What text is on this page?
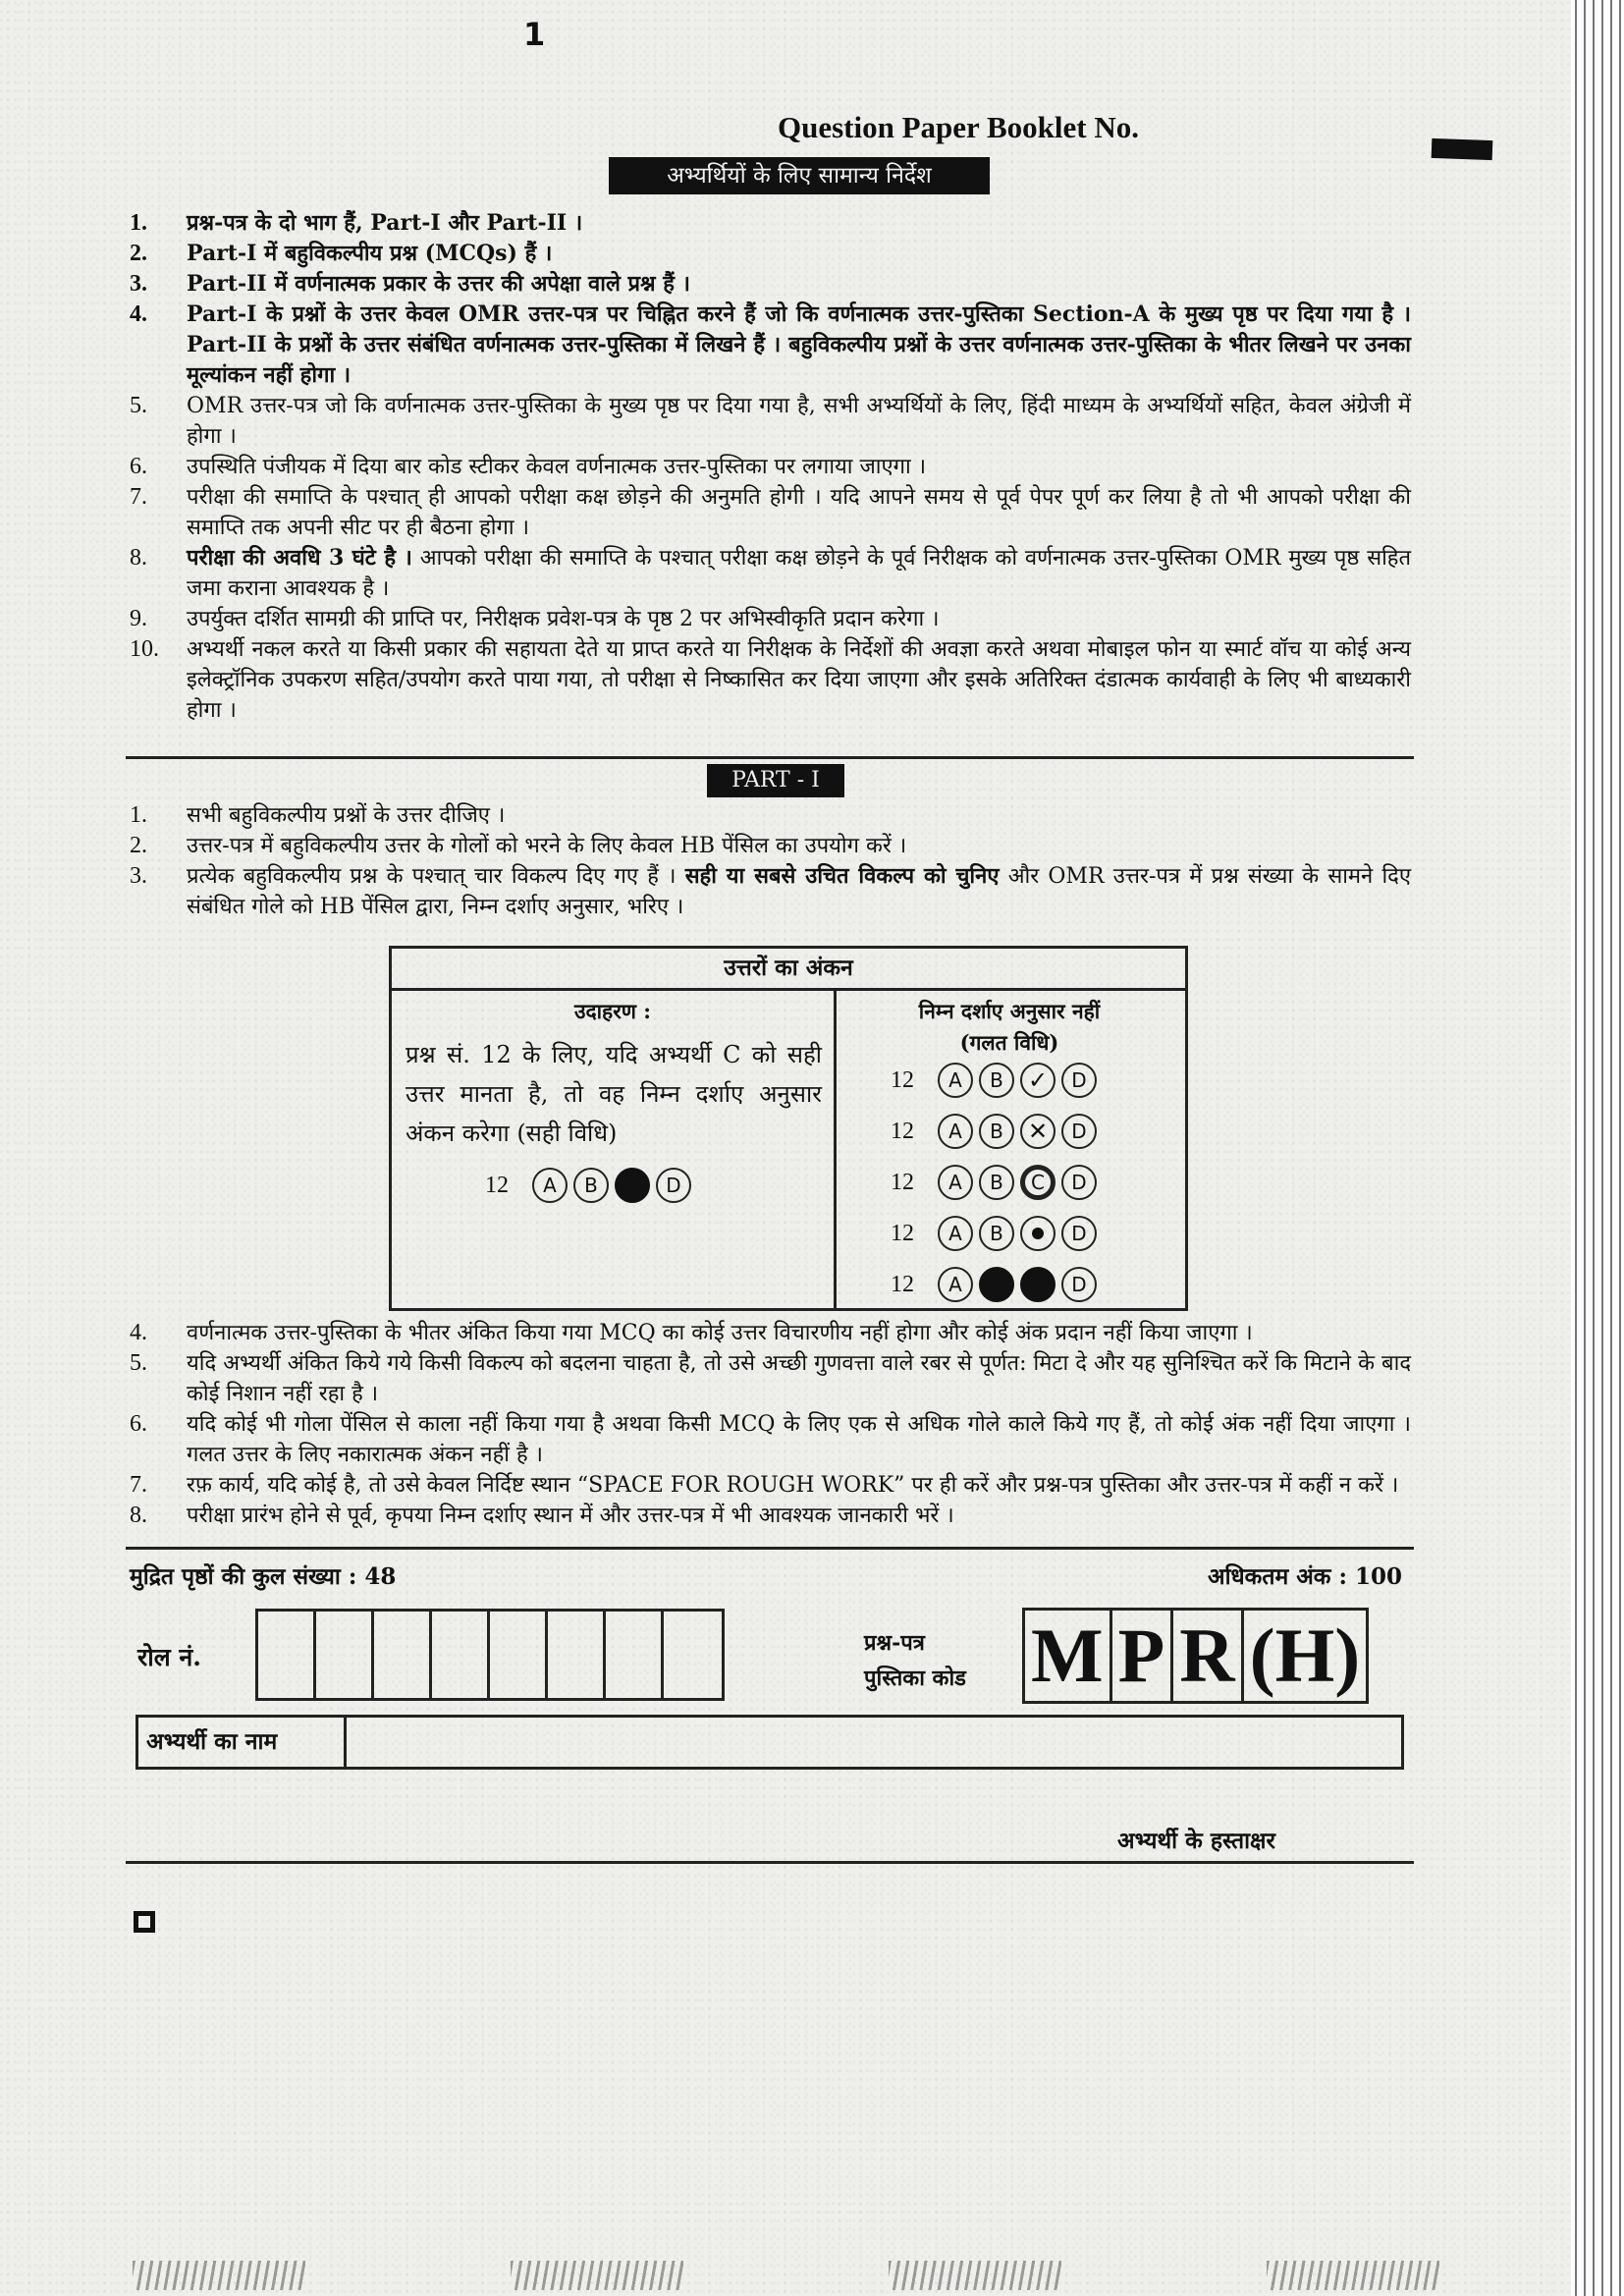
1
Question Paper Booklet No.
अभ्यर्थियों के लिए सामान्य निर्देश
1.	प्रश्न-पत्र के दो भाग हैं, Part-I और Part-II ।
2.	Part-I में बहुविकल्पीय प्रश्न (MCQs) हैं ।
3.	Part-II में वर्णनात्मक प्रकार के उत्तर की अपेक्षा वाले प्रश्न हैं ।
4.	Part-I के प्रश्नों के उत्तर केवल OMR उत्तर-पत्र पर चिह्नित करने हैं जो कि वर्णनात्मक उत्तर-पुस्तिका Section-A के मुख्य पृष्ठ पर दिया गया है । Part-II के प्रश्नों के उत्तर संबंधित वर्णनात्मक उत्तर-पुस्तिका में लिखने हैं । बहुविकल्पीय प्रश्नों के उत्तर वर्णनात्मक उत्तर-पुस्तिका के भीतर लिखने पर उनका मूल्यांकन नहीं होगा ।
5.	OMR उत्तर-पत्र जो कि वर्णनात्मक उत्तर-पुस्तिका के मुख्य पृष्ठ पर दिया गया है, सभी अभ्यर्थियों के लिए, हिंदी माध्यम के अभ्यर्थियों सहित, केवल अंग्रेजी में होगा ।
6.	उपस्थिति पंजीयक में दिया बार कोड स्टीकर केवल वर्णनात्मक उत्तर-पुस्तिका पर लगाया जाएगा ।
7.	परीक्षा की समाप्ति के पश्चात् ही आपको परीक्षा कक्ष छोड़ने की अनुमति होगी । यदि आपने समय से पूर्व पेपर पूर्ण कर लिया है तो भी आपको परीक्षा की समाप्ति तक अपनी सीट पर ही बैठना होगा ।
8.	परीक्षा की अवधि 3 घंटे है । आपको परीक्षा की समाप्ति के पश्चात् परीक्षा कक्ष छोड़ने के पूर्व निरीक्षक को वर्णनात्मक उत्तर-पुस्तिका OMR मुख्य पृष्ठ सहित जमा कराना आवश्यक है ।
9.	उपर्युक्त दर्शित सामग्री की प्राप्ति पर, निरीक्षक प्रवेश-पत्र के पृष्ठ 2 पर अभिस्वीकृति प्रदान करेगा ।
10.	अभ्यर्थी नकल करते या किसी प्रकार की सहायता देते या प्राप्त करते या निरीक्षक के निर्देशों की अवज्ञा करते अथवा मोबाइल फोन या स्मार्ट वॉच या कोई अन्य इलेक्ट्रॉनिक उपकरण सहित/उपयोग करते पाया गया, तो परीक्षा से निष्कासित कर दिया जाएगा और इसके अतिरिक्त दंडात्मक कार्यवाही के लिए भी बाध्यकारी होगा ।
PART - I
1.	सभी बहुविकल्पीय प्रश्नों के उत्तर दीजिए ।
2.	उत्तर-पत्र में बहुविकल्पीय उत्तर के गोलों को भरने के लिए केवल HB पेंसिल का उपयोग करें ।
3.	प्रत्येक बहुविकल्पीय प्रश्न के पश्चात् चार विकल्प दिए गए हैं । सही या सबसे उचित विकल्प को चुनिए और OMR उत्तर-पत्र में प्रश्न संख्या के सामने दिए संबंधित गोले को HB पेंसिल द्वारा, निम्न दर्शाए अनुसार, भरिए ।
उत्तरों का अंकन
उदाहरण :
प्रश्न सं. 12 के लिए, यदि अभ्यर्थी C को सही उत्तर मानता है, तो वह निम्न दर्शाए अनुसार अंकन करेगा (सही विधि)
12	A	B	D
निम्न दर्शाए अनुसार नहीं
(गलत विधि)
12	A	B ✓	D
12	A	B ✕	D
12	A	B	C	D
12	A	B	D
12	A	D
4.	वर्णनात्मक उत्तर-पुस्तिका के भीतर अंकित किया गया MCQ का कोई उत्तर विचारणीय नहीं होगा और कोई अंक प्रदान नहीं किया जाएगा ।
5.	यदि अभ्यर्थी अंकित किये गये किसी विकल्प को बदलना चाहता है, तो उसे अच्छी गुणवत्ता वाले रबर से पूर्णत: मिटा दे और यह सुनिश्चित करें कि मिटाने के बाद कोई निशान नहीं रहा है ।
6.	यदि कोई भी गोला पेंसिल से काला नहीं किया गया है अथवा किसी MCQ के लिए एक से अधिक गोले काले किये गए हैं, तो कोई अंक नहीं दिया जाएगा । गलत उत्तर के लिए नकारात्मक अंकन नहीं है ।
7.	रफ़ कार्य, यदि कोई है, तो उसे केवल निर्दिष्ट स्थान “SPACE FOR ROUGH WORK” पर ही करें और प्रश्न-पत्र पुस्तिका और उत्तर-पत्र में कहीं न करें ।
8.	परीक्षा प्रारंभ होने से पूर्व, कृपया निम्न दर्शाए स्थान में और उत्तर-पत्र में भी आवश्यक जानकारी भरें ।
मुद्रित पृष्ठों की कुल संख्या : 48	अधिकतम अंक : 100
रोल नं.	प्रश्न-पत्र
पुस्तिका कोड M P R (H)
अभ्यर्थी का नाम
अभ्यर्थी के हस्ताक्षर
